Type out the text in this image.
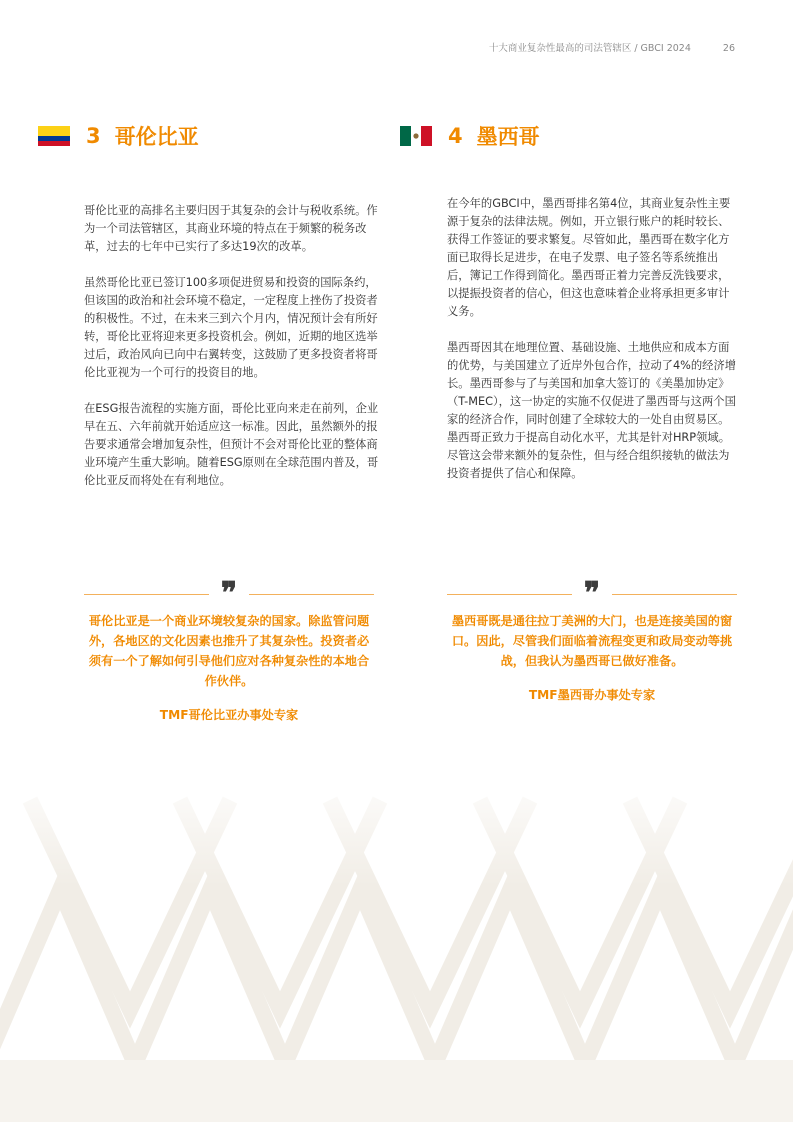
十大商业复杂性最高的司法管辖区 / GBCI 2024	26
3 哥伦比亚	4 墨西哥

哥伦比亚的高排名主要归因于其复杂的会计与税收系统。作为一个司法管辖区，其商业环境的特点在于频繁的税务改革，过去的七年中已实行了多达19次的改革。

虽然哥伦比亚已签订100多项促进贸易和投资的国际条约，但该国的政治和社会环境不稳定，一定程度上挫伤了投资者的积极性。不过，在未来三到六个月内，情况预计会有所好转，哥伦比亚将迎来更多投资机会。例如，近期的地区选举过后，政治风向已向中右翼转变，这鼓励了更多投资者将哥伦比亚视为一个可行的投资目的地。

在ESG报告流程的实施方面，哥伦比亚向来走在前列，企业早在五、六年前就开始适应这一标准。因此，虽然额外的报告要求通常会增加复杂性，但预计不会对哥伦比亚的整体商业环境产生重大影响。随着ESG原则在全球范围内普及，哥伦比亚反而将处在有利地位。

在今年的GBCI中，墨西哥排名第4位，其商业复杂性主要源于复杂的法律法规。例如，开立银行账户的耗时较长、获得工作签证的要求繁复。尽管如此，墨西哥在数字化方面已取得长足进步，在电子发票、电子签名等系统推出后，簿记工作得到简化。墨西哥正着力完善反洗钱要求，以提振投资者的信心，但这也意味着企业将承担更多审计义务。

墨西哥因其在地理位置、基础设施、土地供应和成本方面的优势，与美国建立了近岸外包合作，拉动了4%的经济增长。墨西哥参与了与美国和加拿大签订的《美墨加协定》（T-MEC），这一协定的实施不仅促进了墨西哥与这两个国家的经济合作，同时创建了全球较大的一处自由贸易区。墨西哥正致力于提高自动化水平，尤其是针对HRP领域。尽管这会带来额外的复杂性，但与经合组织接轨的做法为投资者提供了信心和保障。

❞
哥伦比亚是一个商业环境较复杂的国家。除监管问题外，各地区的文化因素也推升了其复杂性。投资者必须有一个了解如何引导他们应对各种复杂性的本地合作伙伴。
TMF哥伦比亚办事处专家
❞
墨西哥既是通往拉丁美洲的大门，也是连接美国的窗口。因此，尽管我们面临着流程变更和政局变动等挑战，但我认为墨西哥已做好准备。
TMF墨西哥办事处专家
